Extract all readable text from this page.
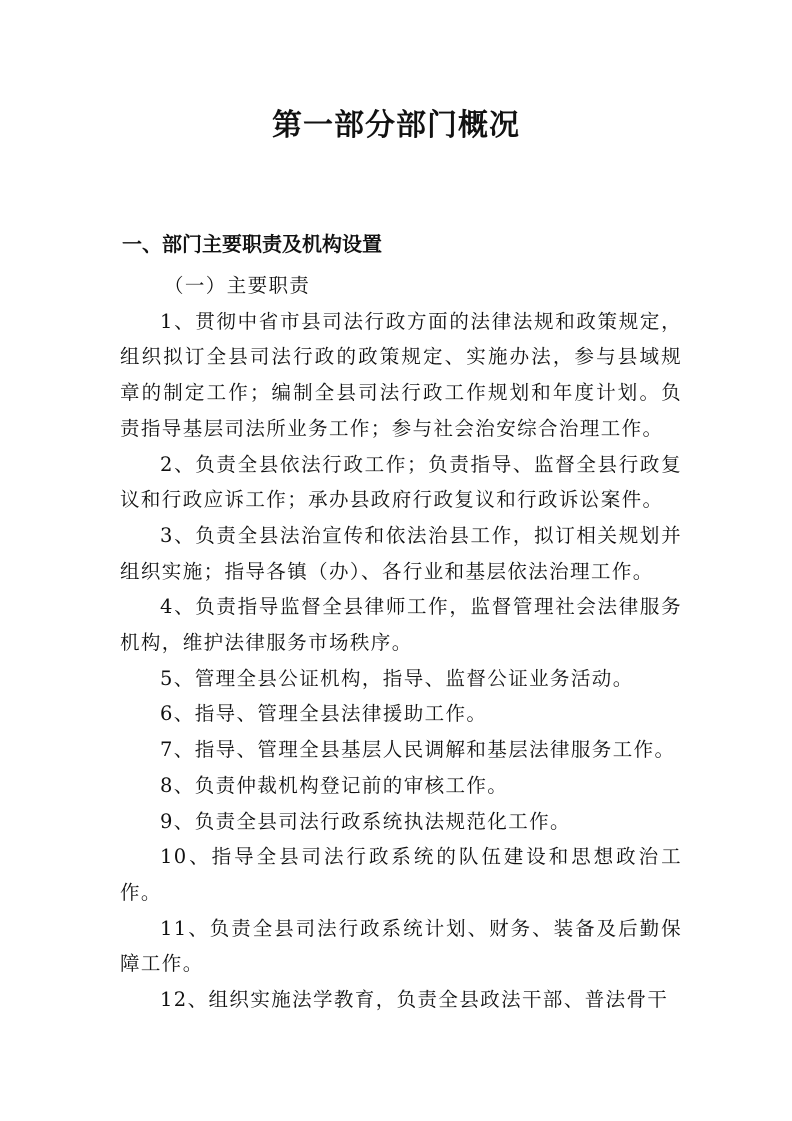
第一部分部门概况
一、部门主要职责及机构设置

（一）主要职责

1、贯彻中省市县司法行政方面的法律法规和政策规定，组织拟订全县司法行政的政策规定、实施办法，参与县域规章的制定工作；编制全县司法行政工作规划和年度计划。负责指导基层司法所业务工作；参与社会治安综合治理工作。

2、负责全县依法行政工作；负责指导、监督全县行政复议和行政应诉工作；承办县政府行政复议和行政诉讼案件。

3、负责全县法治宣传和依法治县工作，拟订相关规划并组织实施；指导各镇（办）、各行业和基层依法治理工作。

4、负责指导监督全县律师工作，监督管理社会法律服务机构，维护法律服务市场秩序。

5、管理全县公证机构，指导、监督公证业务活动。

6、指导、管理全县法律援助工作。

7、指导、管理全县基层人民调解和基层法律服务工作。

8、负责仲裁机构登记前的审核工作。

9、负责全县司法行政系统执法规范化工作。

10、指导全县司法行政系统的队伍建设和思想政治工作。

11、负责全县司法行政系统计划、财务、装备及后勤保障工作。

12、组织实施法学教育，负责全县政法干部、普法骨干
